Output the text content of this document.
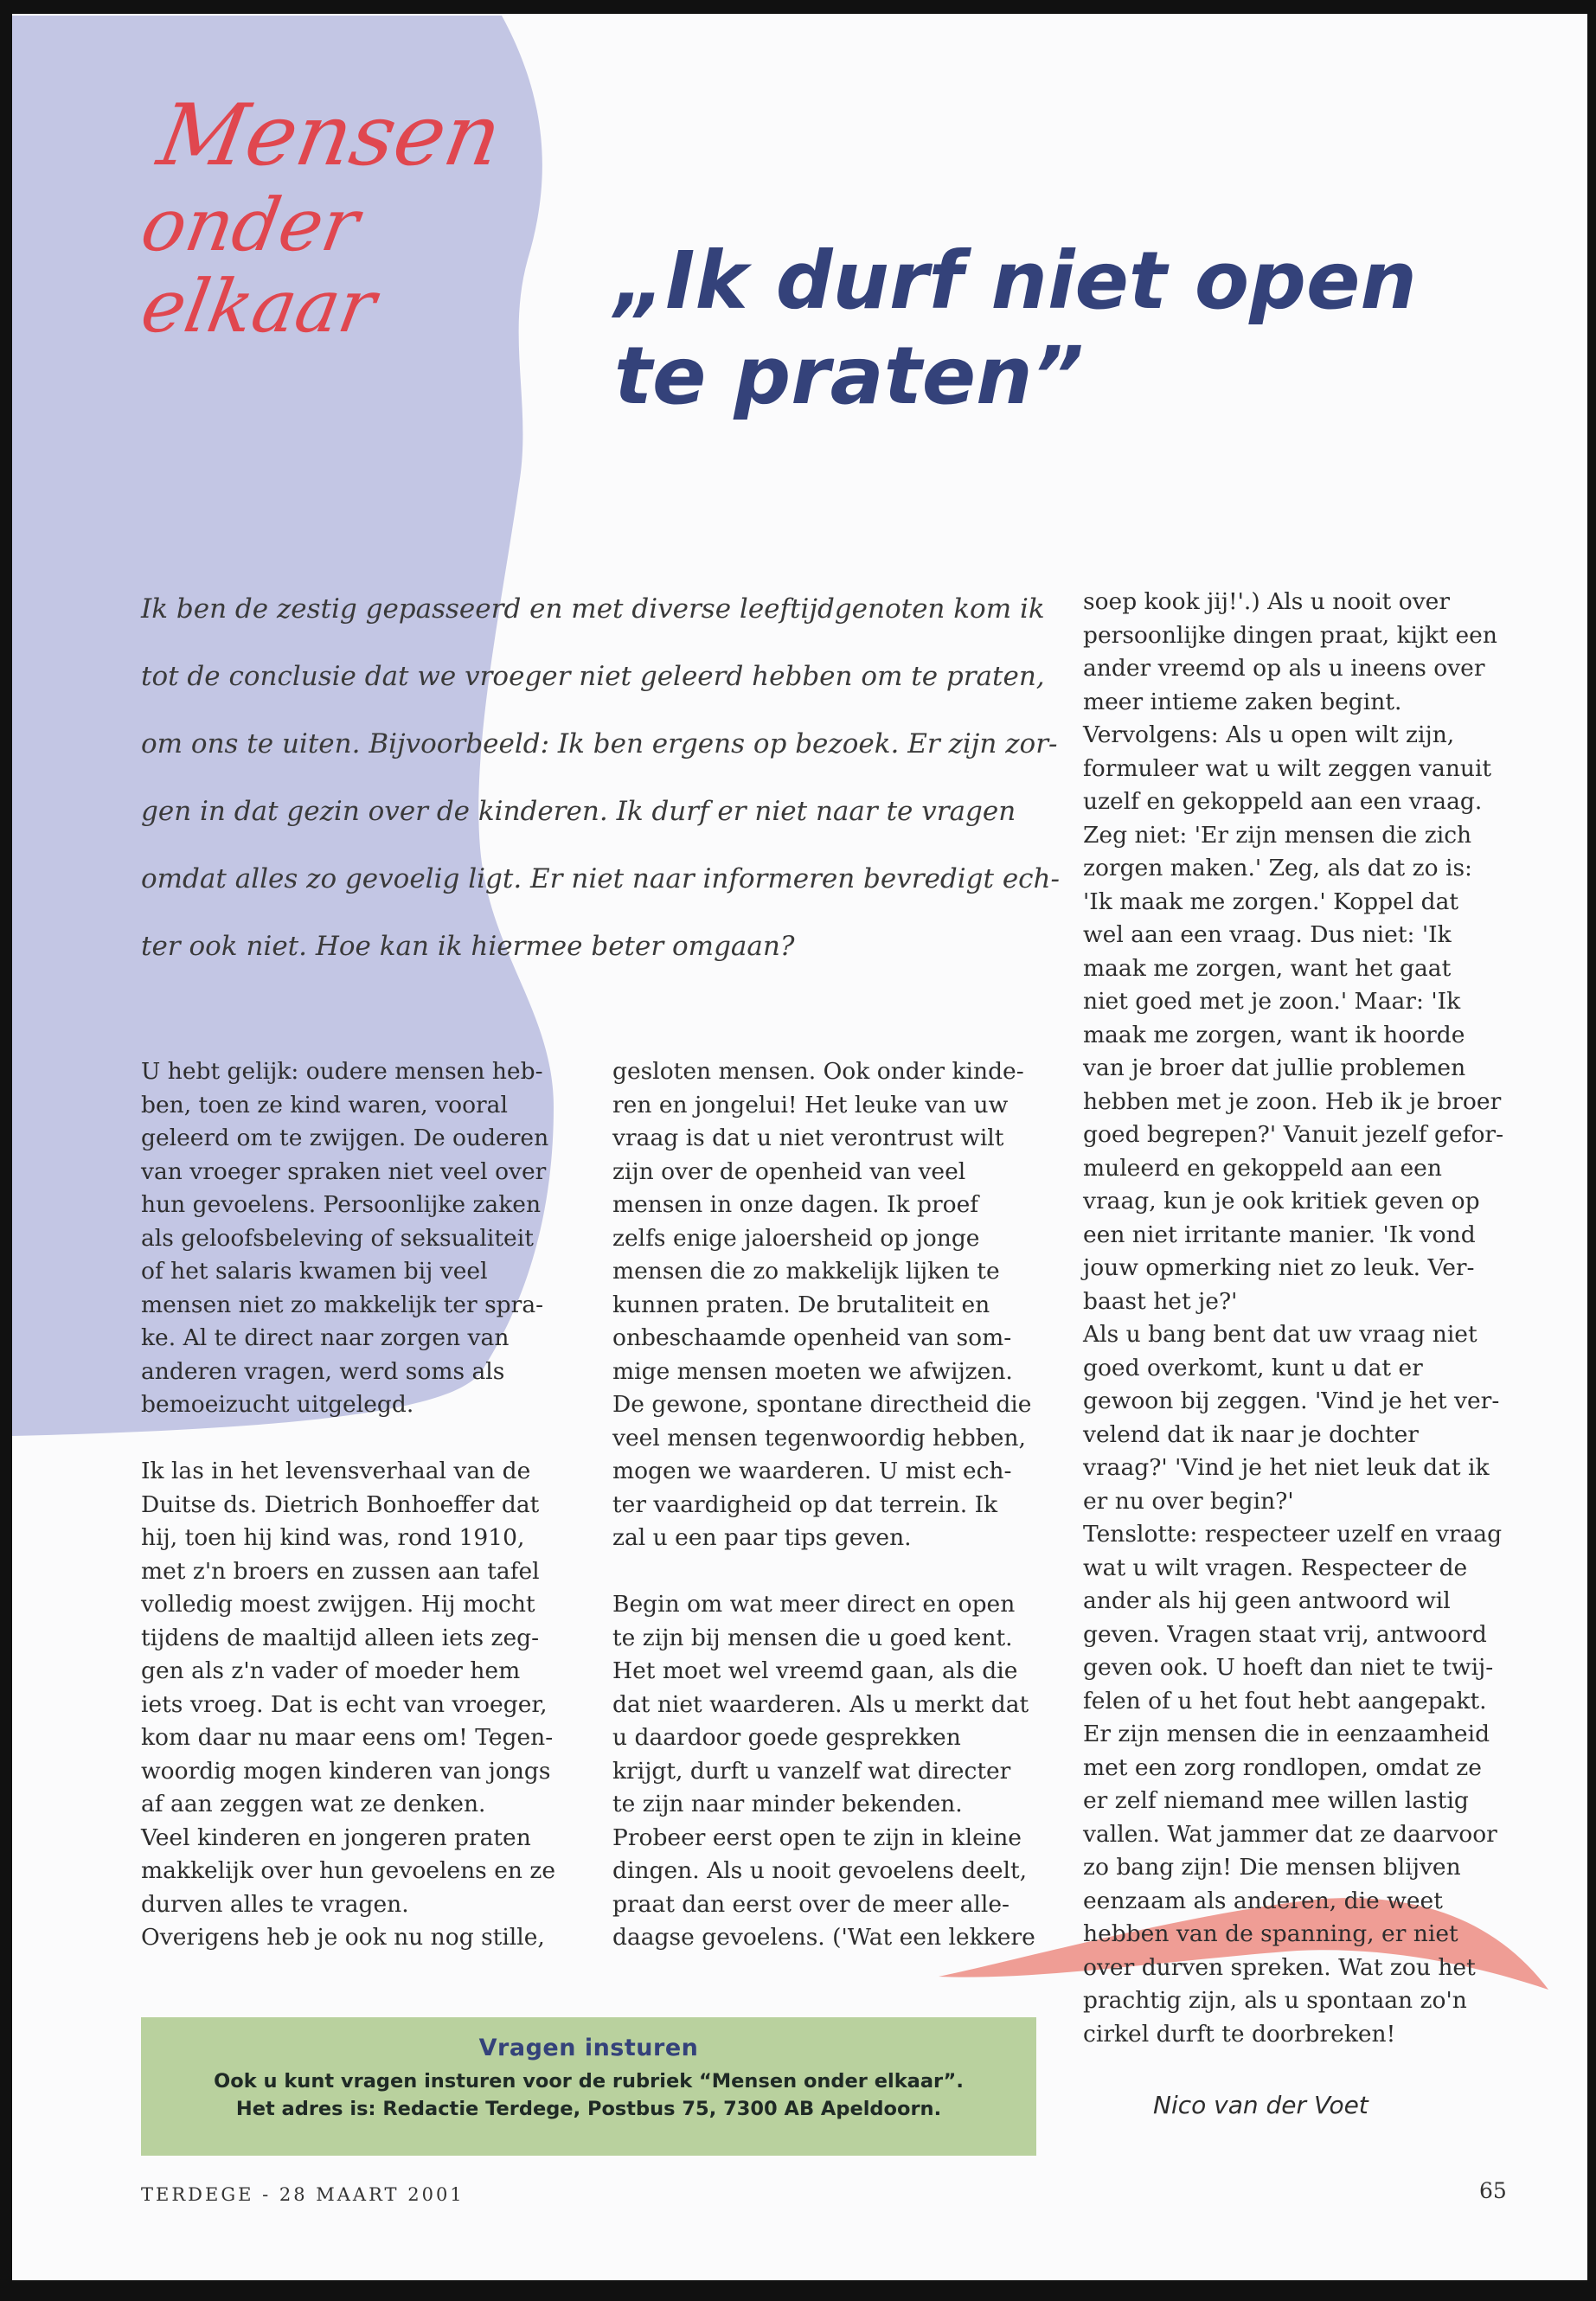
Mensen
onder
elkaar	„Ik durf niet open
te praten”
Ik ben de zestig gepasseerd en met diverse leeftijdgenoten kom ik
tot de conclusie dat we vroeger niet geleerd hebben om te praten,
om ons te uiten. Bijvoorbeeld: Ik ben ergens op bezoek. Er zijn zor-
gen in dat gezin over de kinderen. Ik durf er niet naar te vragen
omdat alles zo gevoelig ligt. Er niet naar informeren bevredigt ech-
ter ook niet. Hoe kan ik hiermee beter omgaan?
U hebt gelijk: oudere mensen heb-
ben, toen ze kind waren, vooral
geleerd om te zwijgen. De ouderen
van vroeger spraken niet veel over
hun gevoelens. Persoonlijke zaken
als geloofsbeleving of seksualiteit
of het salaris kwamen bij veel
mensen niet zo makkelijk ter spra-
ke. Al te direct naar zorgen van
anderen vragen, werd soms als
bemoeizucht uitgelegd.
Ik las in het levensverhaal van de
Duitse ds. Dietrich Bonhoeffer dat
hij, toen hij kind was, rond 1910,
met z'n broers en zussen aan tafel
volledig moest zwijgen. Hij mocht
tijdens de maaltijd alleen iets zeg-
gen als z'n vader of moeder hem
iets vroeg. Dat is echt van vroeger,
kom daar nu maar eens om! Tegen-
woordig mogen kinderen van jongs
af aan zeggen wat ze denken.
Veel kinderen en jongeren praten
makkelijk over hun gevoelens en ze
durven alles te vragen.
Overigens heb je ook nu nog stille,
gesloten mensen. Ook onder kinde-
ren en jongelui! Het leuke van uw
vraag is dat u niet verontrust wilt
zijn over de openheid van veel
mensen in onze dagen. Ik proef
zelfs enige jaloersheid op jonge
mensen die zo makkelijk lijken te
kunnen praten. De brutaliteit en
onbeschaamde openheid van som-
mige mensen moeten we afwijzen.
De gewone, spontane directheid die
veel mensen tegenwoordig hebben,
mogen we waarderen. U mist ech-
ter vaardigheid op dat terrein. Ik
zal u een paar tips geven.
Begin om wat meer direct en open
te zijn bij mensen die u goed kent.
Het moet wel vreemd gaan, als die
dat niet waarderen. Als u merkt dat
u daardoor goede gesprekken
krijgt, durft u vanzelf wat directer
te zijn naar minder bekenden.
Probeer eerst open te zijn in kleine
dingen. Als u nooit gevoelens deelt,
praat dan eerst over de meer alle-
daagse gevoelens. ('Wat een lekkere
soep kook jij!'.) Als u nooit over
persoonlijke dingen praat, kijkt een
ander vreemd op als u ineens over
meer intieme zaken begint.
Vervolgens: Als u open wilt zijn,
formuleer wat u wilt zeggen vanuit
uzelf en gekoppeld aan een vraag.
Zeg niet: 'Er zijn mensen die zich
zorgen maken.' Zeg, als dat zo is:
'Ik maak me zorgen.' Koppel dat
wel aan een vraag. Dus niet: 'Ik
maak me zorgen, want het gaat
niet goed met je zoon.' Maar: 'Ik
maak me zorgen, want ik hoorde
van je broer dat jullie problemen
hebben met je zoon. Heb ik je broer
goed begrepen?' Vanuit jezelf gefor-
muleerd en gekoppeld aan een
vraag, kun je ook kritiek geven op
een niet irritante manier. 'Ik vond
jouw opmerking niet zo leuk. Ver-
baast het je?'
Als u bang bent dat uw vraag niet
goed overkomt, kunt u dat er
gewoon bij zeggen. 'Vind je het ver-
velend dat ik naar je dochter
vraag?' 'Vind je het niet leuk dat ik
er nu over begin?'
Tenslotte: respecteer uzelf en vraag
wat u wilt vragen. Respecteer de
ander als hij geen antwoord wil
geven. Vragen staat vrij, antwoord
geven ook. U hoeft dan niet te twij-
felen of u het fout hebt aangepakt.
Er zijn mensen die in eenzaamheid
met een zorg rondlopen, omdat ze
er zelf niemand mee willen lastig
vallen. Wat jammer dat ze daarvoor
zo bang zijn! Die mensen blijven
eenzaam als anderen, die weet
hebben van de spanning, er niet
over durven spreken. Wat zou het
prachtig zijn, als u spontaan zo'n
cirkel durft te doorbreken!
Nico van der Voet
Vragen insturen
Ook u kunt vragen insturen voor de rubriek “Mensen onder elkaar”.
Het adres is: Redactie Terdege, Postbus 75, 7300 AB Apeldoorn.
TERDEGE - 28 MAART 2001	65
